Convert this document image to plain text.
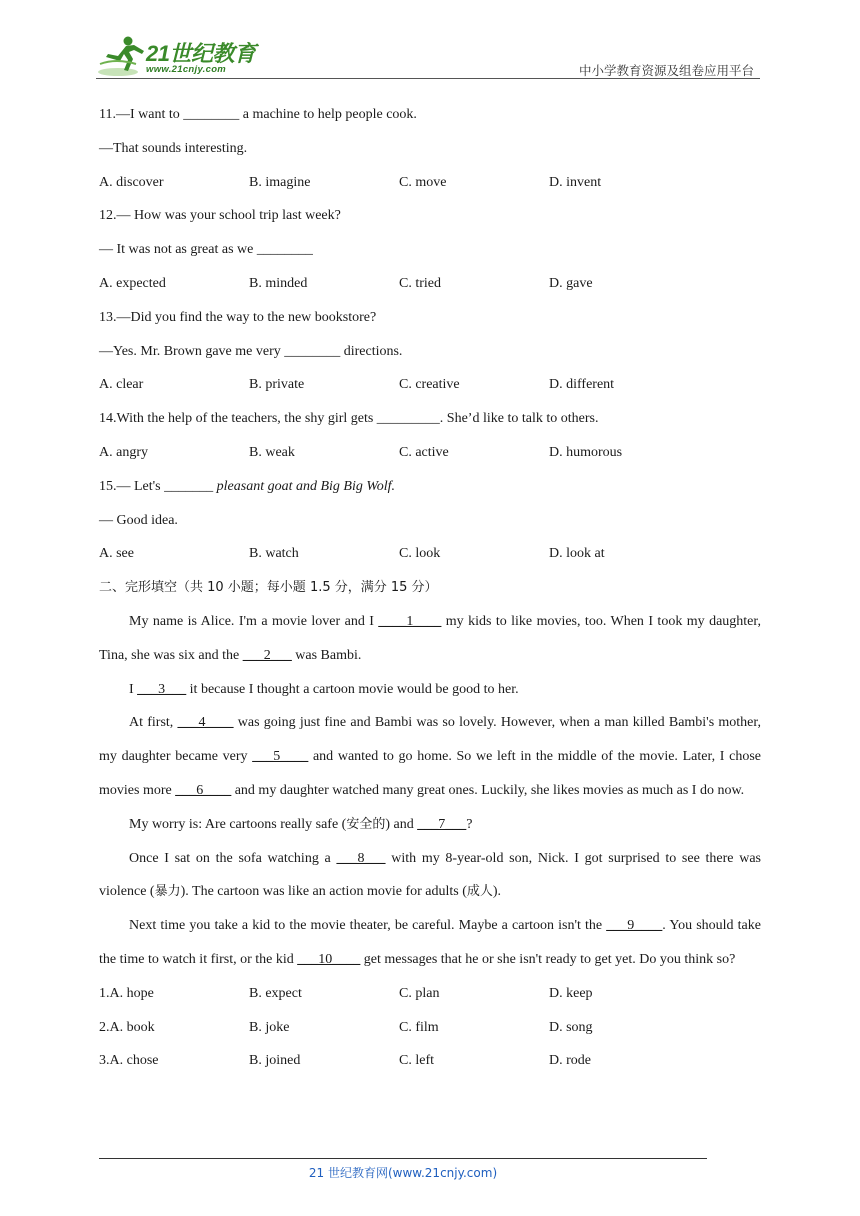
21世纪教育
www.21cnjy.com	中小学教育资源及组卷应用平台
11.—I want to ________ a machine to help people cook.
—That sounds interesting.
A. discover	B. imagine	C. move	D. invent
12.— How was your school trip last week?
— It was not as great as we ________
A. expected	B. minded	C. tried	D. gave
13.—Did you find the way to the new bookstore?
—Yes. Mr. Brown gave me very ________ directions.
A. clear	B. private	C. creative	D. different
14.With the help of the teachers, the shy girl gets _________. She’d like to talk to others.
A. angry	B. weak	C. active	D. humorous
15.— Let's _______ pleasant goat and Big Big Wolf.
— Good idea.
A. see	B. watch	C. look	D. look at
二、完形填空（共 10 小题；每小题 1.5 分，满分 15 分）

My name is Alice. I'm a movie lover and I ____1____ my kids to like movies, too. When I took my daughter, Tina, she was six and the ___2___ was Bambi.

I ___3___ it because I thought a cartoon movie would be good to her.

At first, ___4____ was going just fine and Bambi was so lovely. However, when a man killed Bambi's mother, my daughter became very ___5____ and wanted to go home. So we left in the middle of the movie. Later, I chose movies more ___6____ and my daughter watched many great ones. Luckily, she likes movies as much as I do now.

My worry is: Are cartoons really safe (安全的) and ___7___?

Once I sat on the sofa watching a ___8___ with my 8-year-old son, Nick. I got surprised to see there was violence (暴力). The cartoon was like an action movie for adults (成人).

Next time you take a kid to the movie theater, be careful. Maybe a cartoon isn't the ___9____. You should take the time to watch it first, or the kid ___10____ get messages that he or she isn't ready to get yet. Do you think so?

1.A. hope	B. expect	C. plan	D. keep
2.A. book	B. joke	C. film	D. song
3.A. chose	B. joined	C. left	D. rode
21 世纪教育网(www.21cnjy.com)
